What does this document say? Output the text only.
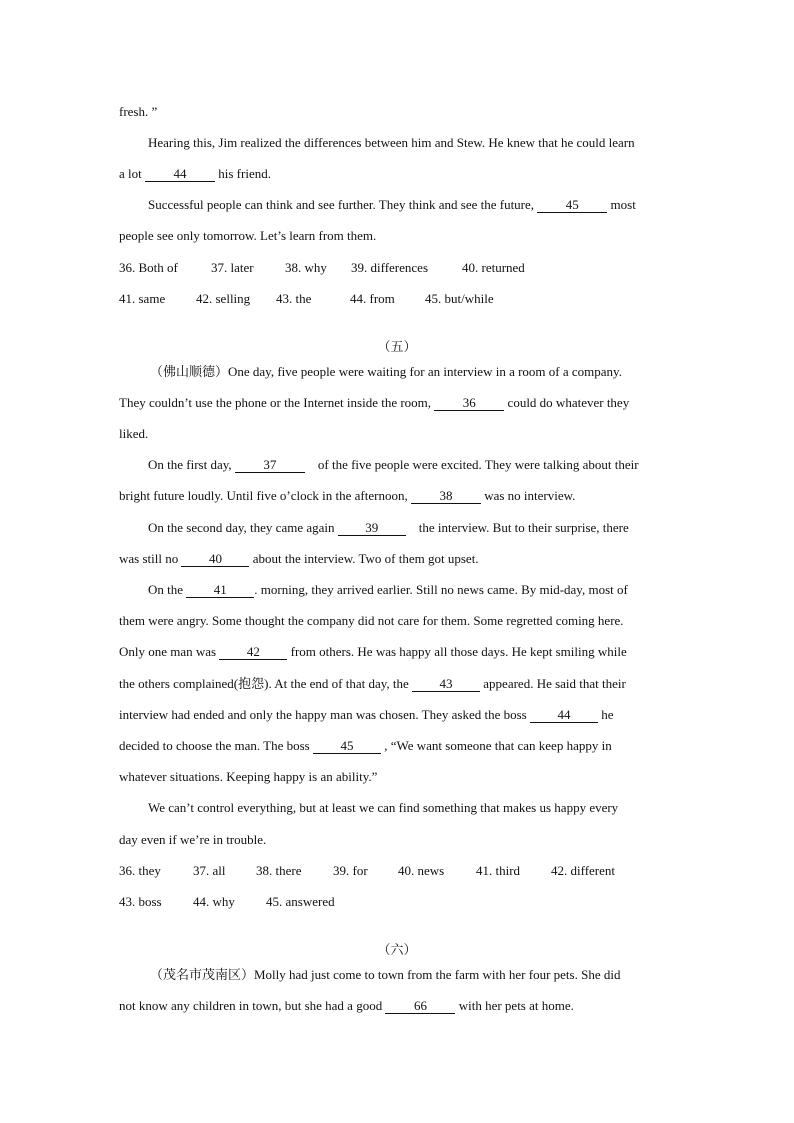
fresh. ”
Hearing this, Jim realized the differences between him and Stew. He knew that he could learn
a lot 44 his friend.
Successful people can think and see further. They think and see the future, 45 most
people see only tomorrow. Let’s learn from them.
36. Both of	37. later 38. why 39. differences	40. returned
41. same 42. selling 43. the	44. from 45. but/while
（五）
（佛山顺德）One day, five people were waiting for an interview in a room of a company.
They couldn’t use the phone or the Internet inside the room, 36 could do whatever they
liked.
On the first day, 37	of the five people were excited. They were talking about their
bright future loudly. Until five o’clock in the afternoon, 38 was no interview.
On the second day, they came again 39	the interview. But to their surprise, there
was still no 40 about the interview. Two of them got upset.
On the 41 . morning, they arrived earlier. Still no news came. By mid-day, most of
them were angry. Some thought the company did not care for them. Some regretted coming here.
Only one man was 42 from others. He was happy all those days. He kept smiling while
the others complained(抱怨). At the end of that day, the 43 appeared. He said that their
interview had ended and only the happy man was chosen. They asked the boss 44 he
decided to choose the man. The boss 45 , “We want someone that can keep happy in
whatever situations. Keeping happy is an ability.”
We can’t control everything, but at least we can find something that makes us happy every
day even if we’re in trouble.
36. they 37. all 38. there 39. for 40. news 41. third 42. different
43. boss 44. why 45. answered
（六）
（茂名市茂南区）Molly had just come to town from the farm with her four pets. She did
not know any children in town, but she had a good 66 with her pets at home.
